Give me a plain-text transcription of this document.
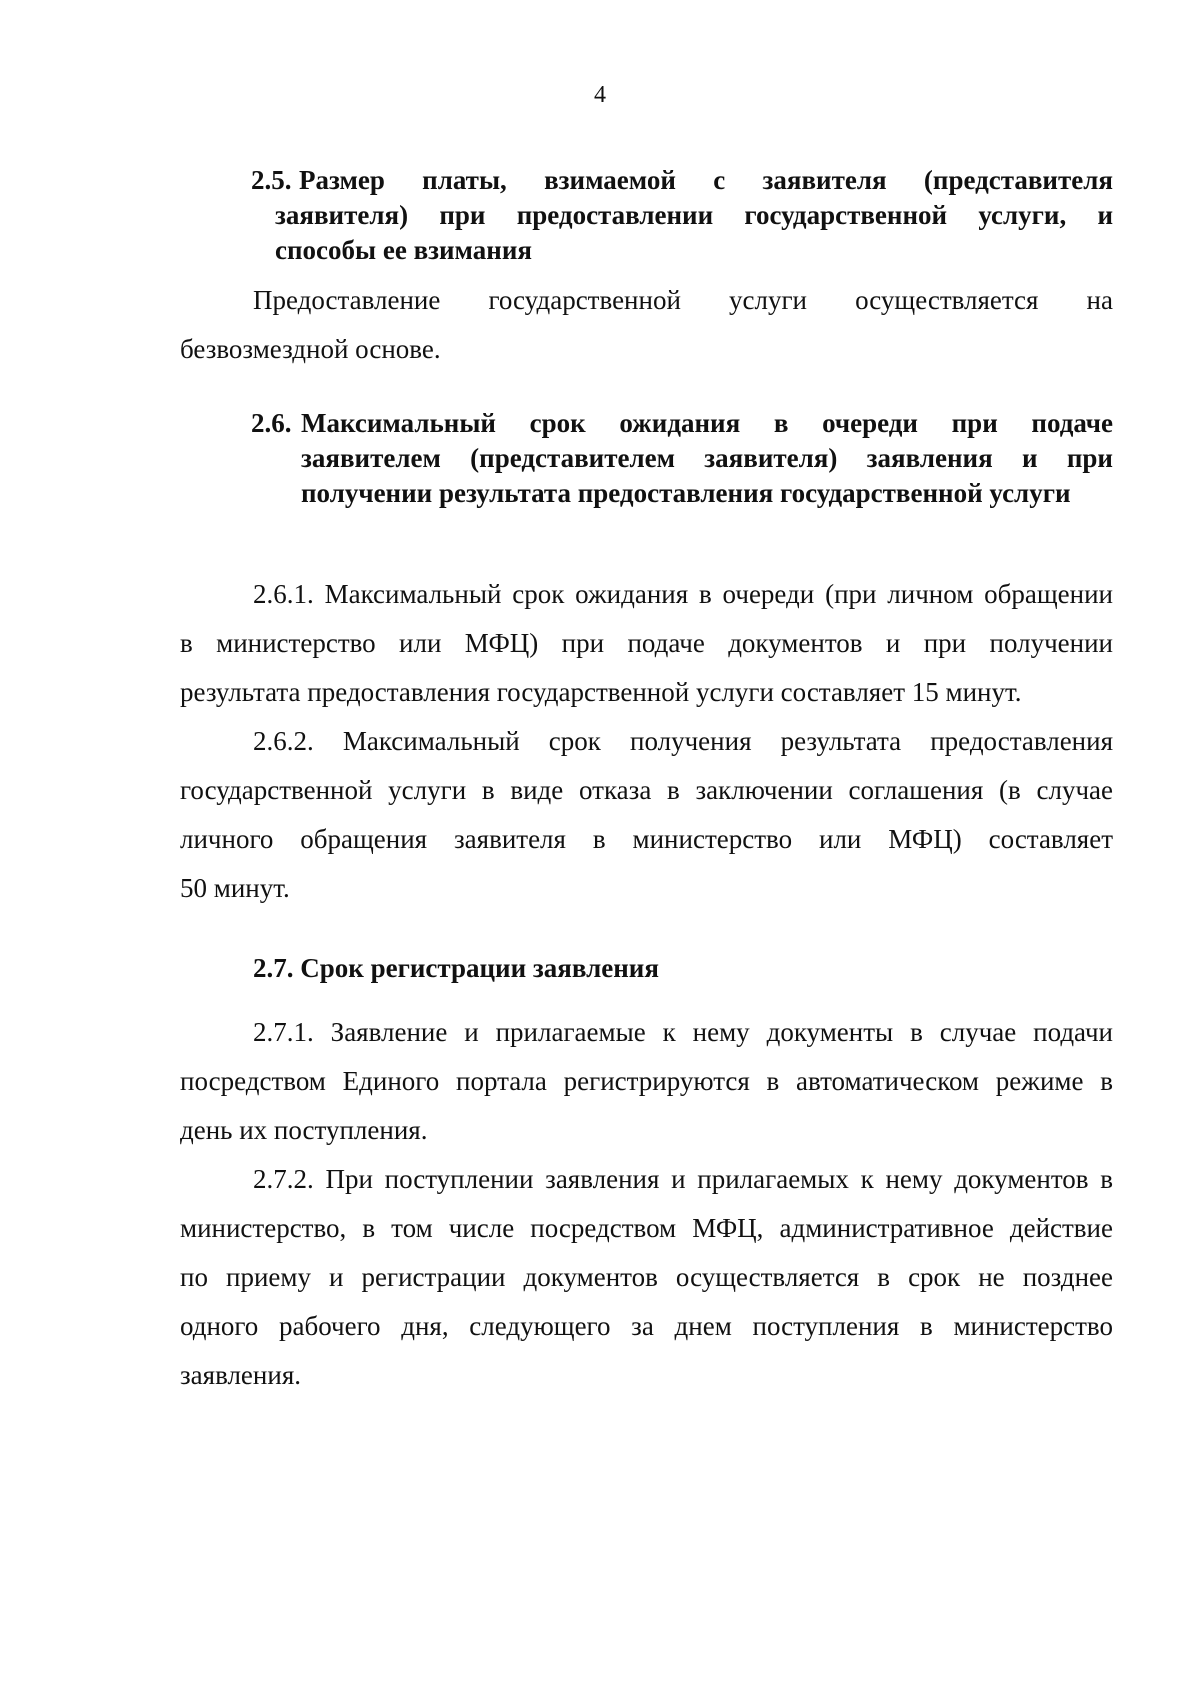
4
2.5. Размер платы, взимаемой с заявителя (представителя
заявителя) при предоставлении государственной услуги, и
способы ее взимания
Предоставление государственной услуги осуществляется на
безвозмездной основе.
2.6. Максимальный срок ожидания в очереди при подаче
заявителем (представителем заявителя) заявления и при
получении результата предоставления государственной услуги
2.6.1. Максимальный срок ожидания в очереди (при личном обращении
в министерство или МФЦ) при подаче документов и при получении
результата предоставления государственной услуги составляет 15 минут.
2.6.2. Максимальный срок получения результата предоставления
государственной услуги в виде отказа в заключении соглашения (в случае
личного обращения заявителя в министерство или МФЦ) составляет
50 минут.
2.7. Срок регистрации заявления
2.7.1. Заявление и прилагаемые к нему документы в случае подачи
посредством Единого портала регистрируются в автоматическом режиме в
день их поступления.
2.7.2. При поступлении заявления и прилагаемых к нему документов в
министерство, в том числе посредством МФЦ, административное действие
по приему и регистрации документов осуществляется в срок не позднее
одного рабочего дня, следующего за днем поступления в министерство
заявления.
